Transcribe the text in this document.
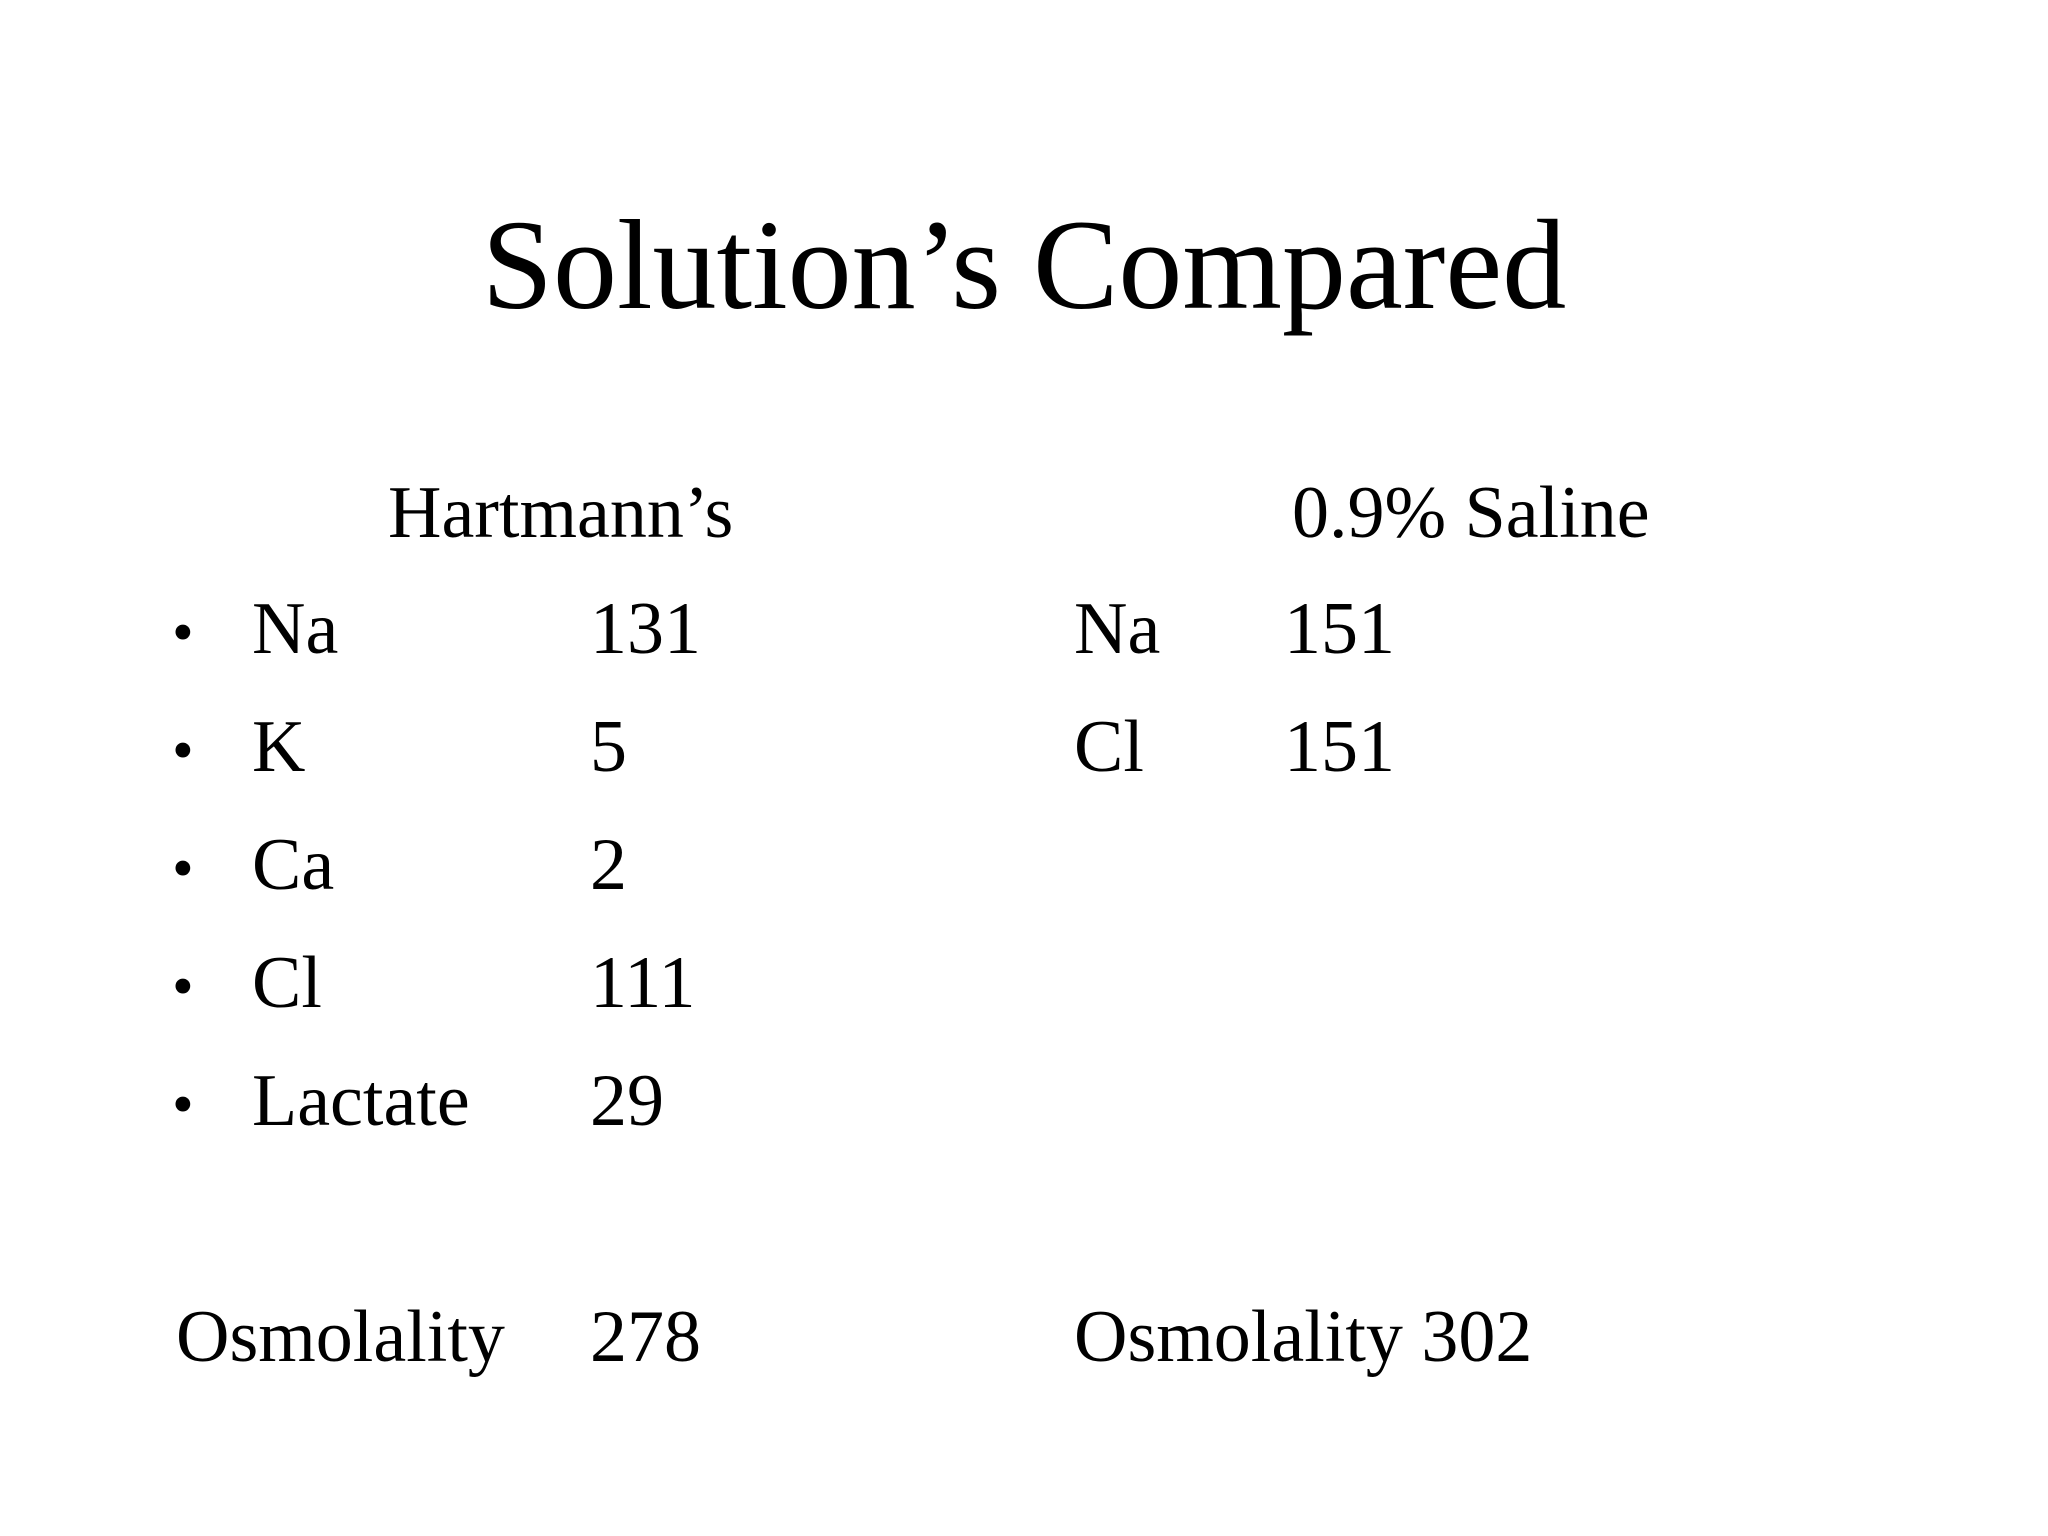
Solution’s Compared
Hartmann’s
• Na	131
• K	5
• Ca	2
• Cl	111
• Lactate 29
Osmolality 278
0.9% Saline
Na 151
Cl 151
Osmolality 302
